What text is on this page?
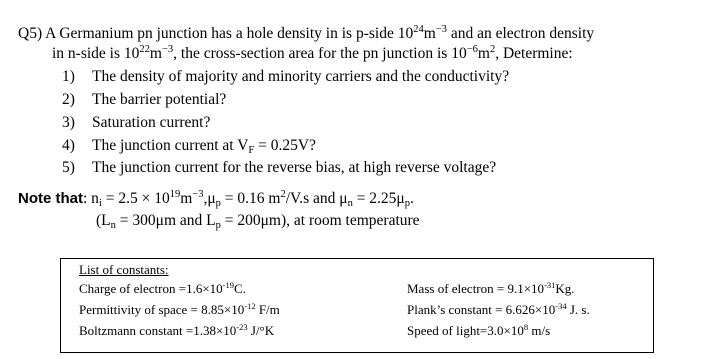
Q5) A Germanium pn junction has a hole density in is p-side $10^{24}m^{-3}$ and an electron density
in n-side is $10^{22}m^{-3}$, the cross-section area for the pn junction is $10^{-6}m^2$, Determine:
1) The density of majority and minority carriers and the conductivity?
2) The barrier potential?
3) Saturation current?
4) The junction current at $V_F = 0.25V$?
5) The junction current for the reverse bias, at high reverse voltage?
Note that: $n_i = 2.5 \times 10^{19}m^{-3},\mu_p = 0.16$ $m^2/V.s$ and $\mu_n = 2.25\mu_p$.
($L_n = 300\mu m$ and $L_p = 200\mu m$), at room temperature
List of constants:
Charge of electron $=1.6\times 10^{-19}C$.
Permittivity of space = $8.85\times 10^{-12}$ F/m
Boltzmann constant $=1.38\times 10^{-23}$ J/°K
Mass of electron = $9.1\times 10^{-31}Kg$.
Plank’s constant = $6.626\times 10^{-34}$ J. s.
Speed of $light=3.0\times 10^8$ m/s
